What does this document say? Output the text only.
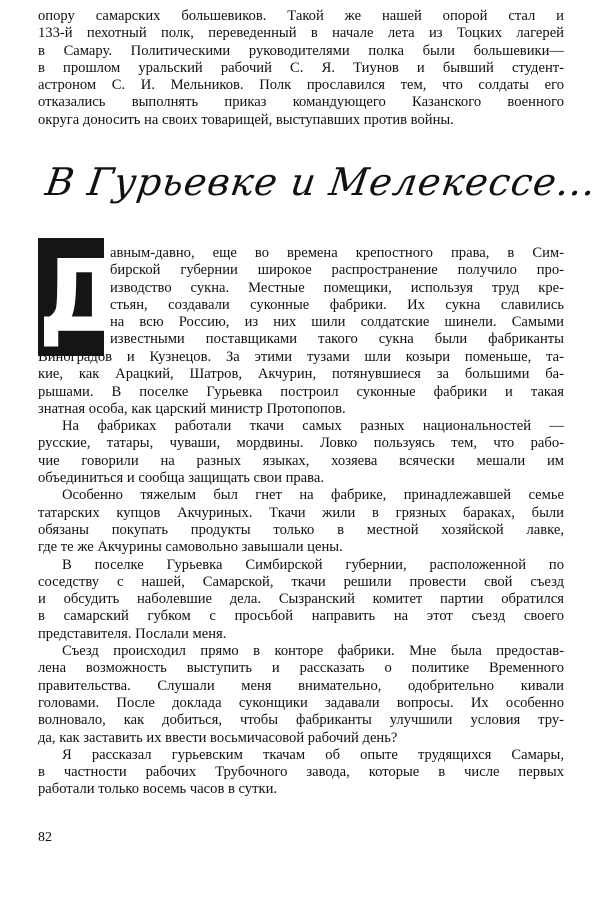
опору самарских большевиков. Такой же нашей опорой стал и
133-й пехотный полк, переведенный в начале лета из Тоцких лагерей
в Самару. Политическими руководителями полка были большевики—
в прошлом уральский рабочий С. Я. Тиунов и бывший студент-
астроном С. И. Мельников. Полк прославился тем, что солдаты его
отказались выполнять приказ командующего Казанского военного
округа доносить на своих товарищей, выступавших против войны.
В Гурьевке и Мелекессе...
Д
авным-давно, еще во времена крепостного права, в Сим-
бирской губернии широкое распространение получило про-
изводство сукна. Местные помещики, используя труд кре-
стьян, создавали суконные фабрики. Их сукна славились
на всю Россию, из них шили солдатские шинели. Самыми
известными поставщиками такого сукна были фабриканты
Виноградов и Кузнецов. За этими тузами шли козыри поменьше, та-
кие, как Арацкий, Шатров, Акчурин, потянувшиеся за большими ба-
рышами. В поселке Гурьевка построил суконные фабрики и такая
знатная особа, как царский министр Протопопов.
На фабриках работали ткачи самых разных национальностей —
русские, татары, чуваши, мордвины. Ловко пользуясь тем, что рабо-
чие говорили на разных языках, хозяева всячески мешали им
объединиться и сообща защищать свои права.
Особенно тяжелым был гнет на фабрике, принадлежавшей семье
татарских купцов Акчуриных. Ткачи жили в грязных бараках, были
обязаны покупать продукты только в местной хозяйской лавке,
где те же Акчурины самовольно завышали цены.
В поселке Гурьевка Симбирской губернии, расположенной по
соседству с нашей, Самарской, ткачи решили провести свой съезд
и обсудить наболевшие дела. Сызранский комитет партии обратился
в самарский губком с просьбой направить на этот съезд своего
представителя. Послали меня.
Съезд происходил прямо в конторе фабрики. Мне была предостав-
лена возможность выступить и рассказать о политике Временного
правительства. Слушали меня внимательно, одобрительно кивали
головами. После доклада суконщики задавали вопросы. Их особенно
волновало, как добиться, чтобы фабриканты улучшили условия тру-
да, как заставить их ввести восьмичасовой рабочий день?
Я рассказал гурьевским ткачам об опыте трудящихся Самары,
в частности рабочих Трубочного завода, которые в числе первых
работали только восемь часов в сутки.
82
